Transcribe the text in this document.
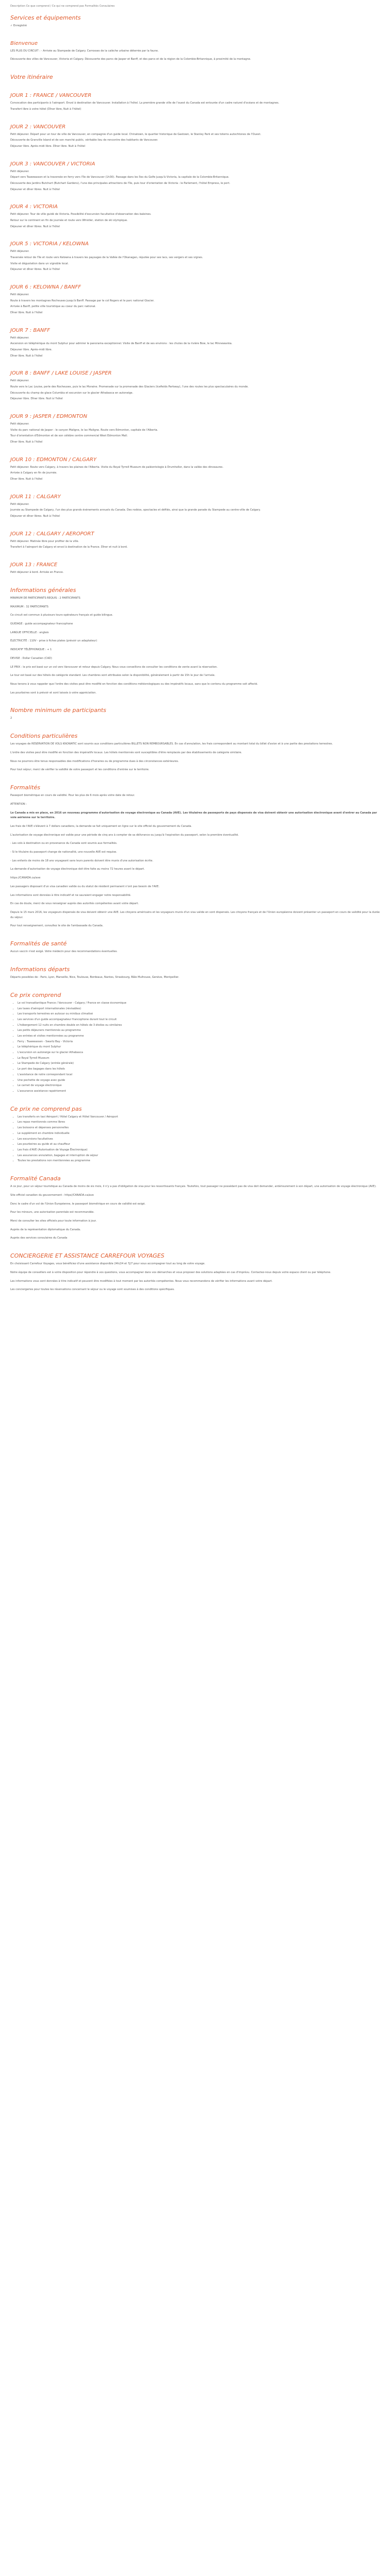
Description Ce que comprend / Ce qui ne comprend pas Formalités Consulaires

Services et équipements

✓ Enregistré

Bienvenue

LES PLUS DU CIRCUIT : - Arrivée au Stampede de Calgary. Carrosses de la calèche urbaine déterrée par la faune.

Découverte des villes de Vancouver, Victoria et Calgary. Découverte des parcs de Jasper et Banff, et des parcs et de la région de la Colombie-Britannique, à proximité de la montagne.

Votre itinéraire
JOUR 1 : FRANCE / VANCOUVER

Convocation des participants à l'aéroport. Envol à destination de Vancouver. Installation à l'hôtel. La première grande ville de l'ouest du Canada est entourée d'un cadre naturel d'océans et de montagnes.

Transfert libre à votre hôtel (Dîner libre, Nuit à l'hôtel)

JOUR 2 : VANCOUVER

Petit déjeuner. Départ pour un tour de ville de Vancouver, en compagnie d'un guide local. Chinatown, le quartier historique de Gastown, le Stanley Park et ses totems autochtones de l'Ouest.

Découverte de Granville Island et de son marché public, véritable lieu de rencontre des habitants de Vancouver.

Déjeuner libre. Après-midi libre. Dîner libre. Nuit à l'hôtel

JOUR 3 : VANCOUVER / VICTORIA

Petit déjeuner.

Départ vers Tsawwassen et la traversée en ferry vers l'île de Vancouver (1h30). Passage dans les îles du Golfe jusqu'à Victoria, la capitale de la Colombie-Britannique.

Découverte des Jardins Butchart (Butchart Gardens), l'une des principales attractions de l'île, puis tour d'orientation de Victoria : le Parlement, l'hôtel Empress, le port.

Déjeuner et dîner libres. Nuit à l'hôtel

JOUR 4 : VICTORIA

Petit déjeuner. Tour de ville guidé de Victoria. Possibilité d'excursion facultative d'observation des baleines.

Retour sur le continent en fin de journée et route vers Whistler, station de ski olympique.

Déjeuner et dîner libres. Nuit à l'hôtel

JOUR 5 : VICTORIA / KELOWNA

Petit déjeuner.

Traversée retour de l'île et route vers Kelowna à travers les paysages de la Vallée de l'Okanagan, réputée pour ses lacs, ses vergers et ses vignes.

Visite et dégustation dans un vignoble local.

Déjeuner et dîner libres. Nuit à l'hôtel

JOUR 6 : KELOWNA / BANFF

Petit déjeuner.

Route à travers les montagnes Rocheuses jusqu'à Banff. Passage par le col Rogers et le parc national Glacier.

Arrivée à Banff, petite ville touristique au coeur du parc national.

Dîner libre. Nuit à l'hôtel

JOUR 7 : BANFF

Petit déjeuner.

Ascension en téléphérique du mont Sulphur pour admirer le panorama exceptionnel. Visite de Banff et de ses environs : les chutes de la rivière Bow, le lac Minnewanka.

Déjeuner libre. Après-midi libre.

Dîner libre. Nuit à l'hôtel

JOUR 8 : BANFF / LAKE LOUISE / JASPER

Petit déjeuner.

Route vers le Lac Louise, perle des Rocheuses, puis le lac Moraine. Promenade sur la promenade des Glaciers (Icefields Parkway), l'une des routes les plus spectaculaires du monde.

Découverte du champ de glace Columbia et excursion sur le glacier Athabasca en autoneige.

Déjeuner libre. Dîner libre. Nuit à l'hôtel

JOUR 9 : JASPER / EDMONTON

Petit déjeuner.

Visite du parc national de Jasper : le canyon Maligne, le lac Maligne. Route vers Edmonton, capitale de l'Alberta.

Tour d'orientation d'Edmonton et de son célèbre centre commercial West Edmonton Mall.

Dîner libre. Nuit à l'hôtel

JOUR 10 : EDMONTON / CALGARY

Petit déjeuner. Route vers Calgary, à travers les plaines de l'Alberta. Visite du Royal Tyrrell Museum de paléontologie à Drumheller, dans la vallée des dinosaures.

Arrivée à Calgary en fin de journée.

Dîner libre. Nuit à l'hôtel

JOUR 11 : CALGARY

Petit déjeuner.

Journée au Stampede de Calgary, l'un des plus grands évènements annuels du Canada. Des rodéos, spectacles et défilés, ainsi que la grande parade du Stampede au centre-ville de Calgary.

Déjeuner et dîner libres. Nuit à l'hôtel

JOUR 12 : CALGARY / AEROPORT

Petit déjeuner. Matinée libre pour profiter de la ville.

Transfert à l'aéroport de Calgary et envol à destination de la France. Dîner et nuit à bord.

JOUR 13 : FRANCE

Petit déjeuner à bord. Arrivée en France.

Informations générales

MINIMUM DE PARTICIPANTS REQUIS : 2 PARTICIPANTS

MAXIMUM : 32 PARTICIPANTS

Ce circuit est commun à plusieurs tours-opérateurs français et guide bilingue.

GUIDAGE : guide accompagnateur francophone

LANGUE OFFICIELLE : anglais

ÉLECTRICITÉ : 110V - prise à fiches plates (prévoir un adaptateur)

INDICATIF TÉLÉPHONIQUE : + 1

DEVISE : Dollar Canadien (CAD)

LE PRIX : le prix est basé sur un vol vers Vancouver et retour depuis Calgary. Nous vous conseillons de consulter les conditions de vente avant la réservation.

Le tour est basé sur des hôtels de catégorie standard. Les chambres sont attribuées selon la disponibilité, généralement à partir de 15h le jour de l'arrivée.

Nous tenons à vous rappeler que l'ordre des visites peut être modifié en fonction des conditions météorologiques ou des impératifs locaux, sans que le contenu du programme soit affecté.

Les pourboires sont à prévoir et sont laissés à votre appréciation.

Nombre minimum de participants

2

Conditions particulières

Les voyages de RESERVATION DE VOLS KNOWATIC sont soumis aux conditions particulières BILLETS NON REMBOURSABLES. En cas d'annulation, les frais correspondent au montant total du billet d'avion et à une partie des prestations terrestres.

L'ordre des visites peut être modifié en fonction des impératifs locaux. Les hôtels mentionnés sont susceptibles d'être remplacés par des établissements de catégorie similaire.

Nous ne pourrons être tenus responsables des modifications d'horaires ou de programme dues à des circonstances extérieures.

Pour tout séjour, merci de vérifier la validité de votre passeport et les conditions d'entrée sur le territoire.

Formalités

Passeport biométrique en cours de validité. Pour les plus de 6 mois après votre date de retour.

ATTENTION :

Le Canada a mis en place, en 2016 un nouveau programme d'autorisation de voyage électronique au Canada (AVE). Les titulaires de passeports de pays dispensés de visa doivent obtenir une autorisation électronique avant d'entrer au Canada par voie aérienne sur le territoire.

Les frais de l'AVE s'élèvent à 7 dollars canadiens, la demande se fait uniquement en ligne sur le site officiel du gouvernement du Canada.

L'autorisation de voyage électronique est valide pour une période de cinq ans à compter de sa délivrance ou jusqu'à l'expiration du passeport, selon la première éventualité.

- Les vols à destination ou en provenance du Canada sont soumis aux formalités.

- Si le titulaire du passeport change de nationalité, une nouvelle AVE est requise.

- Les enfants de moins de 18 ans voyageant sans leurs parents doivent être munis d'une autorisation écrite.

La demande d'autorisation de voyage électronique doit être faite au moins 72 heures avant le départ.

https://CANADA.ca/ave

Les passagers disposant d'un visa canadien valide ou du statut de résident permanent n'ont pas besoin de l'AVE.

Les informations sont données à titre indicatif et ne sauraient engager notre responsabilité.

En cas de doute, merci de vous renseigner auprès des autorités compétentes avant votre départ.

Depuis le 15 mars 2016, les voyageurs dispensés de visa doivent obtenir une AVE. Les citoyens américains et les voyageurs munis d'un visa valide en sont dispensés. Les citoyens français et de l'Union européenne doivent présenter un passeport en cours de validité pour la durée du séjour.

Pour tout renseignement, consultez le site de l'ambassade du Canada.

Formalités de santé

Aucun vaccin n'est exigé. Votre médecin pour des recommandations éventuelles.

Informations départs

Départs possibles de : Paris, Lyon, Marseille, Nice, Toulouse, Bordeaux, Nantes, Strasbourg, Bâle Mulhouse, Genève, Montpellier.

Ce prix comprend
• Le vol transatlantique France / Vancouver - Calgary / France en classe économique
• Les taxes d'aéroport internationales (révisables)
• Les transports terrestres en autocar ou minibus climatisé
• Les services d'un guide accompagnateur francophone durant tout le circuit
• L'hébergement 12 nuits en chambre double en hôtels de 3 étoiles ou similaires
• Les petits déjeuners mentionnés au programme
• Les entrées et visites mentionnées au programme
• Ferry : Tsawwassen - Swartz Bay - Victoria
• Le téléphérique du mont Sulphur
• L'excursion en autoneige sur le glacier Athabasca
• Le Royal Tyrrell Museum
• Le Stampede de Calgary (entrée générale)
• Le port des bagages dans les hôtels
• L'assistance de notre correspondant local
• Une pochette de voyage avec guide
• Le carnet de voyage électronique
• L'assurance assistance rapatriement
Ce prix ne comprend pas
• Les transferts en taxi Aéroport / Hôtel Calgary et Hôtel Vancouver / Aéroport
• Les repas mentionnés comme libres
• Les boissons et dépenses personnelles
• Le supplément en chambre individuelle
• Les excursions facultatives
• Les pourboires au guide et au chauffeur
• Les frais d'AVE (Autorisation de Voyage Électronique)
• Les assurances annulation, bagages et interruption de séjour
• Toutes les prestations non mentionnées au programme
Formalité Canada

A ce jour, pour un séjour touristique au Canada de moins de six mois, il n'y a pas d'obligation de visa pour les ressortissants français. Toutefois, tout passager ne possédant pas de visa doit demander, antérieurement à son départ, une autorisation de voyage électronique (AVE).

Site officiel canadien du gouvernement : https//CANADA.ca/ave

Donc le cadre d'un vol de l'Union Européenne, le passeport biométrique en cours de validité est exigé.

Pour les mineurs, une autorisation parentale est recommandée.

Merci de consulter les sites officiels pour toute information à jour.

Auprès de la représentation diplomatique du Canada.

Auprès des services consulaires du Canada

CONCIERGERIE ET ASSISTANCE CARREFOUR VOYAGES

En choisissant Carrefour Voyages, vous bénéficiez d'une assistance disponible 24h/24 et 7j/7 pour vous accompagner tout au long de votre voyage.

Notre équipe de conseillers est à votre disposition pour répondre à vos questions, vous accompagner dans vos démarches et vous proposer des solutions adaptées en cas d'imprévu. Contactez-nous depuis votre espace client ou par téléphone.

Les informations vous sont données à titre indicatif et peuvent être modifiées à tout moment par les autorités compétentes. Nous vous recommandons de vérifier les informations avant votre départ.

Les conciergeries pour toutes les réservations concernant le séjour ou le voyage sont soumises à des conditions spécifiques.
